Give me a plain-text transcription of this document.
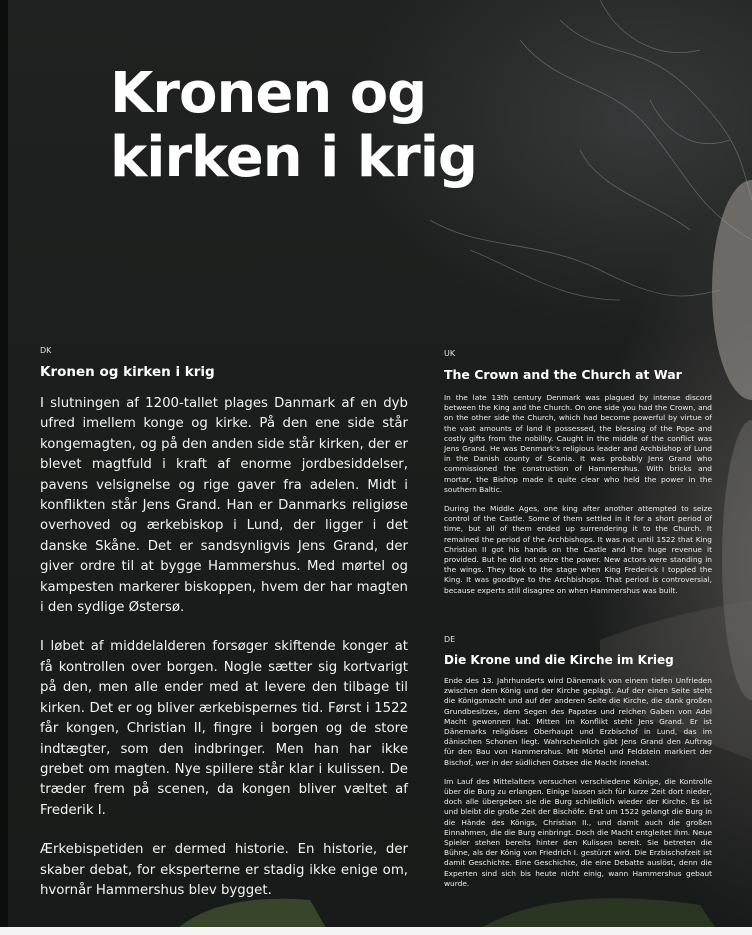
Kronen og
kirken i krig
DK
Kronen og kirken i krig

I slutningen af 1200-tallet plages Danmark af en dyb ufred imellem konge og kirke. På den ene side står kongemagten, og på den anden side står kirken, der er blevet magtfuld i kraft af enorme jordbesiddelser, pavens velsignelse og rige gaver fra adelen. Midt i konflikten står Jens Grand. Han er Danmarks religiøse overhoved og ærkebiskop i Lund, der ligger i det danske Skåne. Det er sandsynligvis Jens Grand, der giver ordre til at bygge Hammershus. Med mørtel og kampesten markerer biskoppen, hvem der har magten i den sydlige Østersø.

I løbet af middelalderen forsøger skiftende konger at få kontrollen over borgen. Nogle sætter sig kortvarigt på den, men alle ender med at levere den tilbage til kirken. Det er og bliver ærkebispernes tid. Først i 1522 får kongen, Christian II, fingre i borgen og de store indtægter, som den indbringer. Men han har ikke grebet om magten. Nye spillere står klar i kulissen. De træder frem på scenen, da kongen bliver væltet af Frederik I.

Ærkebispetiden er dermed historie. En historie, der skaber debat, for eksperterne er stadig ikke enige om, hvornår Hammershus blev bygget.

UK
The Crown and the Church at War

In the late 13th century Denmark was plagued by intense discord between the King and the Church. On one side you had the Crown, and on the other side the Church, which had become powerful by virtue of the vast amounts of land it possessed, the blessing of the Pope and costly gifts from the nobility. Caught in the middle of the conflict was Jens Grand. He was Denmark's religious leader and Archbishop of Lund in the Danish county of Scania. It was probably Jens Grand who commissioned the construction of Hammershus. With bricks and mortar, the Bishop made it quite clear who held the power in the southern Baltic.

During the Middle Ages, one king after another attempted to seize control of the Castle. Some of them settled in it for a short period of time, but all of them ended up surrendering it to the Church. It remained the period of the Archbishops. It was not until 1522 that King Christian II got his hands on the Castle and the huge revenue it provided. But he did not seize the power. New actors were standing in the wings. They took to the stage when King Frederick I toppled the King. It was goodbye to the Archbishops. That period is controversial, because experts still disagree on when Hammershus was built.

DE
Die Krone und die Kirche im Krieg

Ende des 13. Jahrhunderts wird Dänemark von einem tiefen Unfrieden zwischen dem König und der Kirche geplagt. Auf der einen Seite steht die Königsmacht und auf der anderen Seite die Kirche, die dank großen Grundbesitzes, dem Segen des Papstes und reichen Gaben von Adel Macht gewonnen hat. Mitten im Konflikt steht Jens Grand. Er ist Dänemarks religiöses Oberhaupt und Erzbischof in Lund, das im dänischen Schonen liegt. Wahrscheinlich gibt Jens Grand den Auftrag für den Bau von Hammershus. Mit Mörtel und Feldstein markiert der Bischof, wer in der südlichen Ostsee die Macht innehat.

Im Lauf des Mittelalters versuchen verschiedene Könige, die Kontrolle über die Burg zu erlangen. Einige lassen sich für kurze Zeit dort nieder, doch alle übergeben sie die Burg schließlich wieder der Kirche. Es ist und bleibt die große Zeit der Bischöfe. Erst um 1522 gelangt die Burg in die Hände des Königs, Christian II., und damit auch die großen Einnahmen, die die Burg einbringt. Doch die Macht entgleitet ihm. Neue Spieler stehen bereits hinter den Kulissen bereit. Sie betreten die Bühne, als der König von Friedrich I. gestürzt wird. Die Erzbischofzeit ist damit Geschichte. Eine Geschichte, die eine Debatte auslöst, denn die Experten sind sich bis heute nicht einig, wann Hammershus gebaut wurde.
